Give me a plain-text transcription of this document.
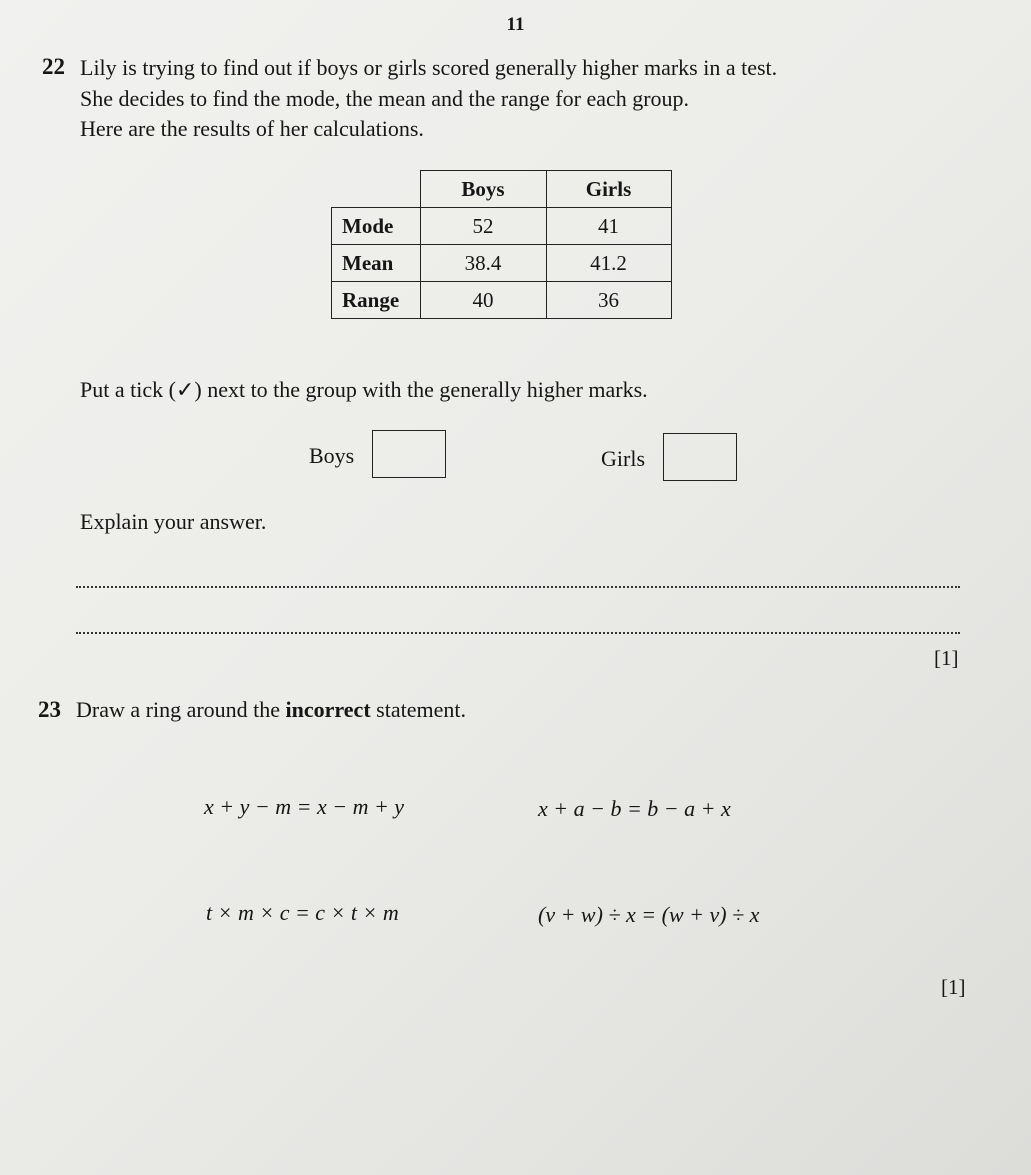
11
22 Lily is trying to find out if boys or girls scored generally higher marks in a test.
She decides to find the mode, the mean and the range for each group.
Here are the results of her calculations.
	Boys	Girls
Mode	52	41
Mean	38.4	41.2
Range	40	36
Put a tick (✓) next to the group with the generally higher marks.
Boys	Girls
Explain your answer.
[1]
23 Draw a ring around the incorrect statement.
x + y − m = x − m + y	x + a − b = b − a + x
t × m × c = c × t × m	(v + w) ÷ x = (w + v) ÷ x
[1]
